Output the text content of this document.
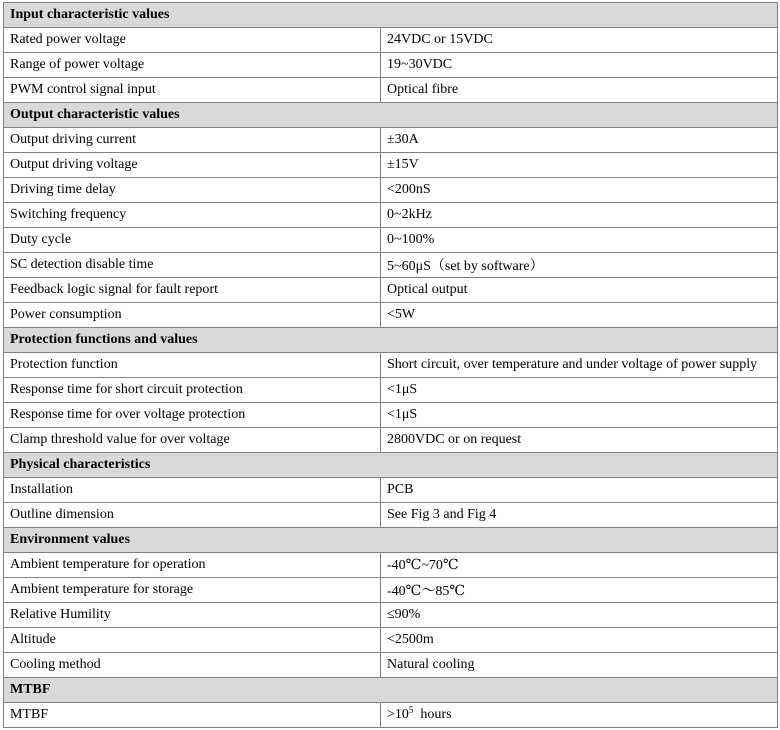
Input characteristic values	
Rated power voltage	24VDC or 15VDC
Range of power voltage	19~30VDC
PWM control signal input	Optical fibre
Output characteristic values	
Output driving current	±30A
Output driving voltage	±15V
Driving time delay	<200nS
Switching frequency	0~2kHz
Duty cycle	0~100%
SC detection disable time	5~60μS（set by software）
Feedback logic signal for fault report	Optical output
Power consumption	<5W
Protection functions and values	
Protection function	Short circuit, over temperature and under voltage of power supply
Response time for short circuit protection	<1μS
Response time for over voltage protection	<1μS
Clamp threshold value for over voltage	2800VDC or on request
Physical characteristics	
Installation	PCB
Outline dimension	See Fig 3 and Fig 4
Environment values	
Ambient temperature for operation	-40℃~70℃
Ambient temperature for storage	-40℃～85℃
Relative Humility	≤90%
Altitude	<2500m
Cooling method	Natural cooling
MTBF	
MTBF	$>10^5$  hours
